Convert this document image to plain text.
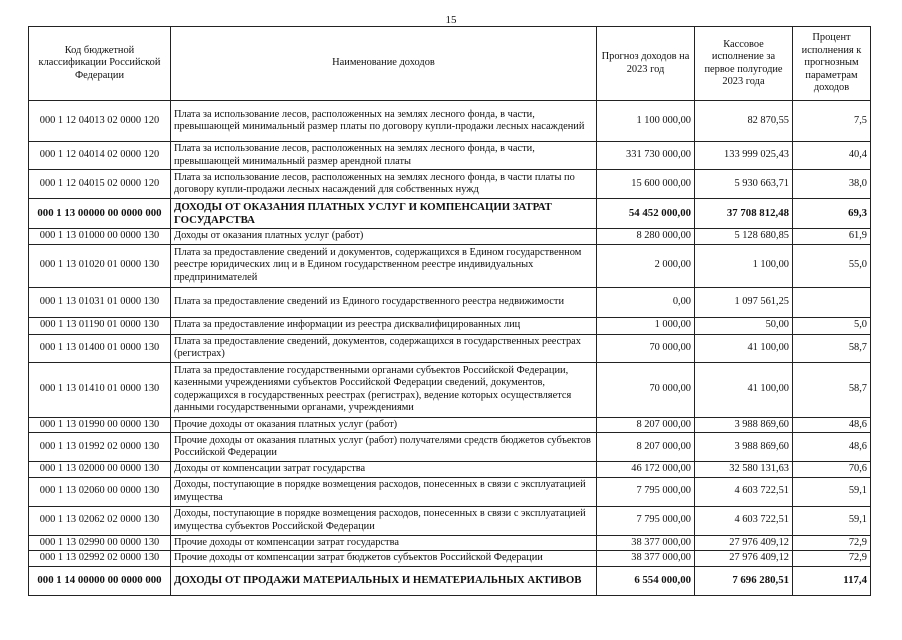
15
Код бюджетной классификации Российской Федерации	Наименование доходов	Прогноз доходов на 2023 год	Кассовое исполнение за первое полугодие 2023 года	Процент исполнения к прогнозным параметрам доходов
000 1 12 04013 02 0000 120	Плата за использование лесов, расположенных на землях лесного фонда, в части, превышающей минимальный размер платы по договору купли-продажи лесных насаждений	1 100 000,00	82 870,55	7,5
000 1 12 04014 02 0000 120	Плата за использование лесов, расположенных на землях лесного фонда, в части, превышающей минимальный размер арендной платы	331 730 000,00	133 999 025,43	40,4
000 1 12 04015 02 0000 120	Плата за использование лесов, расположенных на землях лесного фонда, в части платы по договору купли-продажи лесных насаждений для собственных нужд	15 600 000,00	5 930 663,71	38,0
000 1 13 00000 00 0000 000	ДОХОДЫ ОТ ОКАЗАНИЯ ПЛАТНЫХ УСЛУГ И КОМПЕНСАЦИИ ЗАТРАТ ГОСУДАРСТВА	54 452 000,00	37 708 812,48	69,3
000 1 13 01000 00 0000 130	Доходы от оказания платных услуг (работ)	8 280 000,00	5 128 680,85	61,9
000 1 13 01020 01 0000 130	Плата за предоставление сведений и документов, содержащихся в Едином государственном реестре юридических лиц и в Едином государственном реестре индивидуальных предпринимателей	2 000,00	1 100,00	55,0
000 1 13 01031 01 0000 130	Плата за предоставление сведений из Единого государственного реестра недвижимости	0,00	1 097 561,25	
000 1 13 01190 01 0000 130	Плата за предоставление информации из реестра дисквалифицированных лиц	1 000,00	50,00	5,0
000 1 13 01400 01 0000 130	Плата за предоставление сведений, документов, содержащихся в государственных реестрах (регистрах)	70 000,00	41 100,00	58,7
000 1 13 01410 01 0000 130	Плата за предоставление государственными органами субъектов Российской Федерации, казенными учреждениями субъектов Российской Федерации сведений, документов, содержащихся в государственных реестрах (регистрах), ведение которых осуществляется данными государственными органами, учреждениями	70 000,00	41 100,00	58,7
000 1 13 01990 00 0000 130	Прочие доходы от оказания платных услуг (работ)	8 207 000,00	3 988 869,60	48,6
000 1 13 01992 02 0000 130	Прочие доходы от оказания платных услуг (работ) получателями средств бюджетов субъектов Российской Федерации	8 207 000,00	3 988 869,60	48,6
000 1 13 02000 00 0000 130	Доходы от компенсации затрат государства	46 172 000,00	32 580 131,63	70,6
000 1 13 02060 00 0000 130	Доходы, поступающие в порядке возмещения расходов, понесенных в связи с эксплуатацией имущества	7 795 000,00	4 603 722,51	59,1
000 1 13 02062 02 0000 130	Доходы, поступающие в порядке возмещения расходов, понесенных в связи с эксплуатацией имущества субъектов Российской Федерации	7 795 000,00	4 603 722,51	59,1
000 1 13 02990 00 0000 130	Прочие доходы от компенсации затрат государства	38 377 000,00	27 976 409,12	72,9
000 1 13 02992 02 0000 130	Прочие доходы от компенсации затрат бюджетов субъектов Российской Федерации	38 377 000,00	27 976 409,12	72,9
000 1 14 00000 00 0000 000	ДОХОДЫ ОТ ПРОДАЖИ МАТЕРИАЛЬНЫХ И НЕМАТЕРИАЛЬНЫХ АКТИВОВ	6 554 000,00	7 696 280,51	117,4
